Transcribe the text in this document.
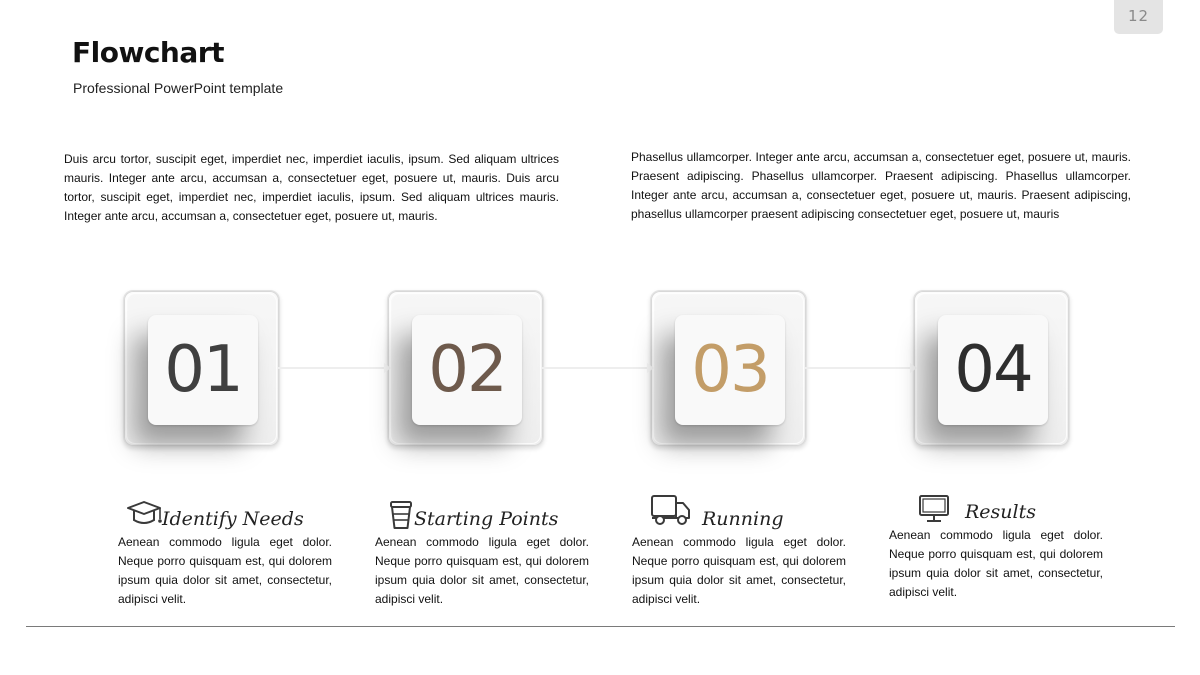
12
Flowchart
Professional PowerPoint template

Duis arcu tortor, suscipit eget, imperdiet nec, imperdiet iaculis, ipsum. Sed aliquam ultrices mauris. Integer ante arcu, accumsan a, consectetuer eget, posuere ut, mauris. Duis arcu tortor, suscipit eget, imperdiet nec, imperdiet iaculis, ipsum. Sed aliquam ultrices mauris. Integer ante arcu, accumsan a, consectetuer eget, posuere ut, mauris.

Phasellus ullamcorper. Integer ante arcu, accumsan a, consectetuer eget, posuere ut, mauris. Praesent adipiscing. Phasellus ullamcorper. Praesent adipiscing. Phasellus ullamcorper. Integer ante arcu, accumsan a, consectetuer eget, posuere ut, mauris. Praesent adipiscing, phasellus ullamcorper praesent adipiscing consectetuer eget, posuere ut, mauris

01	02	03	04
Identify Needs

Aenean commodo ligula eget dolor. Neque porro quisquam est, qui dolorem ipsum quia dolor sit amet, consectetur, adipisci velit.

Starting Points

Aenean commodo ligula eget dolor. Neque porro quisquam est, qui dolorem ipsum quia dolor sit amet, consectetur, adipisci velit.

Running

Aenean commodo ligula eget dolor. Neque porro quisquam est, qui dolorem ipsum quia dolor sit amet, consectetur, adipisci velit.

Results

Aenean commodo ligula eget dolor. Neque porro quisquam est, qui dolorem ipsum quia dolor sit amet, consectetur, adipisci velit.
